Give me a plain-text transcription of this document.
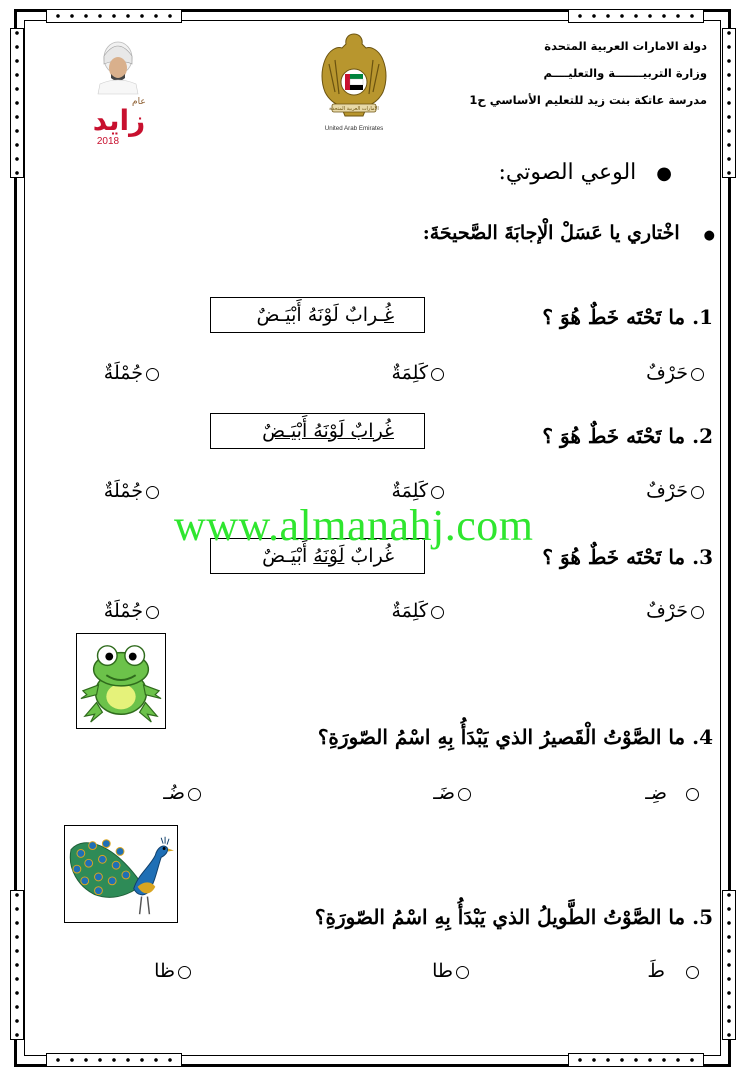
دولة الامارات العربية المتحدة
وزارة التربيـــــــة والتعليــــم
مدرسة عاتكة بنت زيد للتعليم الأساسي ح1
الامارات العربية المتحدة
United Arab Emirates
عام
زايد
2018
●الوعي الصوتي:
●اخْتاري يا عَسَلْ الْإجابَةَ الصَّحيحَةَ:
1. ما تَحْتَه خَطٌ هُوَ ؟
غُـرابٌ لَوْنَهُ أَبْيَـضٌ
حَرْفٌ
كَلِمَةٌ
جُمْلَةٌ
2. ما تَحْتَه خَطٌ هُوَ ؟
غُرابٌ لَوْنَهُ أَبْيَـضٌ
حَرْفٌ
كَلِمَةٌ
جُمْلَةٌ
3. ما تَحْتَه خَطٌ هُوَ ؟
غُرابٌ لَوْنَهُ أَبْيَـضٌ
حَرْفٌ
كَلِمَةٌ
جُمْلَةٌ
www.almanahj.com
4. ما الصَّوْتُ الْقَصيرُ الذي يَبْدَأُ بِهِ اسْمُ الصّورَةِ؟
ضِـ
ضَـ
ضُـ
5. ما الصَّوْتُ الطَّويلُ الذي يَبْدَأُ بِهِ اسْمُ الصّورَةِ؟
طَ
طا
ظا
